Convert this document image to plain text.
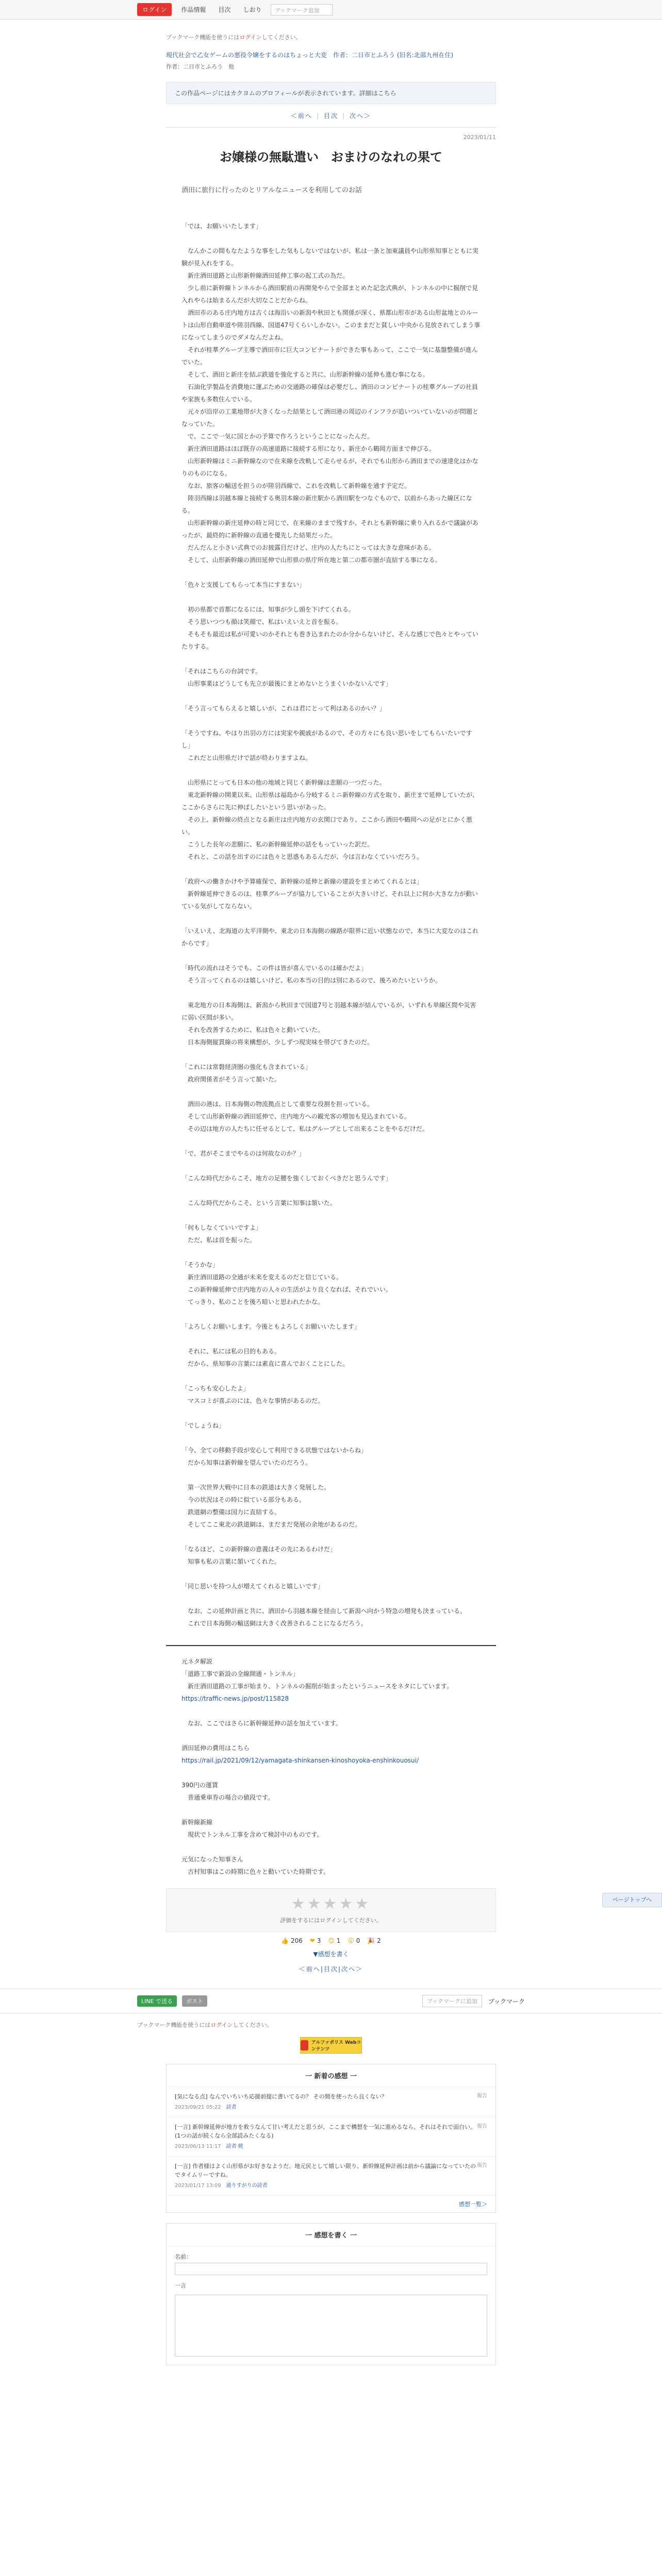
ログイン	作品情報	目次	しおり	ブックマーク追加
ブックマーク機能を使うにはログインしてください。
現代社会で乙女ゲームの悪役令嬢をするのはちょっと大変　作者：二日市とふろう (旧名:北部九州在住)
作者：二日市とふろう　他
この作品ページにはカクヨムのプロフィールが表示されています。詳細はこちら
＜前へ | 目次 | 次へ＞
2023/01/11
お嬢様の無駄遣い　おまけのなれの果て
酒田に旅行に行ったのとリアルなニュースを利用してのお話

「では、お願いいたします」

　なんかこの間もなたような事をした気もしないではないが、私は一条と加東議員や山形県知事とともに実験が見入れをする。

　新庄酒田道路と山形新幹線酒田延伸工事の起工式の為だ。

　少し前に新幹線トンネルから酒田駅前の再開発やらで全部まとめた記念式典が、トンネルの中に掘削で見入れやらは始まるんだが大切なことだからね。

　酒田市のある庄内地方は古くは海沿いの新潟や秋田とも関係が深く、県都山形市がある山形盆地とのルートは山形自動車道や陸羽西線、国道47号くらいしかない。このままだと貧しい中央から見放されてしまう事になってしまうのでダメなんだよね。

　それが桂華グループ主導で酒田市に巨大コンビナートができた事もあって、ここで一気に基盤整備が進んでいた。

　そして、酒田と新庄を結ぶ鉄道を強化すると共に、山形新幹線の延伸も進む事になる。

　石油化学製品を消費地に運ぶための交通路の確保は必要だし、酒田のコンビナートの桂華グループの社員や家族も多数住んでいる。

　元々が沿岸の工業地帯が大きくなった結果として酒田港の周辺のインフラが追いついていないのが問題となっていた。

　で、ここで一気に国とかの予算で作ろうということになったんだ。

　新庄酒田道路はほぼ既存の高速道路に接続する形になり、新庄から鶴岡方面まで伸びる。

　山形新幹線はミニ新幹線なので在来線を改軌して走らせるが、それでも山形から酒田までの速達化はかなりのものになる。

　なお、旅客の輸送を担うのが陸羽西線で、これを改軌して新幹線を通す予定だ。

　陸羽西線は羽越本線と接続する奥羽本線の新庄駅から酒田駅をつなぐもので、以前からあった線区になる。

　山形新幹線の新庄延伸の時と同じで、在来線のままで残すか、それとも新幹線に乗り入れるかで議論があったが、最終的に新幹線の直通を優先した結果だった。

　だんだんと小さい式典でのお披露目だけど、庄内の人たちにとっては大きな意味がある。

　そして、山形新幹線の酒田延伸で山形県の県庁所在地と第二の都市圏が直結する事になる。

「色々と支援してもらって本当にすまない」

　初の県都で首都になるには、知事が少し頭を下げてくれる。

　そう思いつつも顔は笑顔で、私はいえいえと首を振る。

　そもそも最近は私が可愛いのかそれとも巻き込まれたのか分からないけど、そんな感じで色々とやっていたりする。

「それはこちらの台詞です。

　山形事業はどうしても先立が最後にまとめないとうまくいかないんです」

「そう言ってもらえると嬉しいが、これは君にとって利はあるのかい？」

「そうですね、やはり出羽の方には実家や親戚があるので、その方々にも良い思いをしてもらいたいですし」

　これだと山形県だけで話が終わりますよね。

　山形県にとっても日本の他の地域と同じく新幹線は悲願の一つだった。

　東北新幹線の開業以来、山形県は福島から分岐するミニ新幹線の方式を取り、新庄まで延伸していたが、ここからさらに先に伸ばしたいという思いがあった。

　その上、新幹線の終点となる新庄は庄内地方の玄関口であり、ここから酒田や鶴岡への足がとにかく悪い。

　こうした長年の悲願に、私の新幹線延伸の話をもっていった訳だ。

　それと、この話を出すのには色々と思惑もあるんだが、今は言わなくていいだろう。

「政府への働きかけや予算確保で、新幹線の延伸と新線の建設をまとめてくれるとは」

　新幹線延伸できるのは、桂華グループが協力していることが大きいけど、それ以上に何か大きな力が動いている気がしてならない。

「いえいえ、北海道の太平洋側や、東北の日本海側の線路が限界に近い状態なので、本当に大変なのはこれからです」

「時代の流れはそうでも、この件は皆が喜んでいるのは確かだよ」

　そう言ってくれるのは嬉しいけど、私の本当の目的は別にあるので、後ろめたいというか。

　東北地方の日本海側は、新潟から秋田まで国道7号と羽越本線が結んでいるが、いずれも単線区間や災害に弱い区間が多い。

　それを改善するために、私は色々と動いていた。

　日本海側縦貫線の将来構想が、少しずつ現実味を帯びてきたのだ。

「これには常磐経済圏の強化も含まれている」

　政府関係者がそう言って頷いた。

　酒田の港は、日本海側の物流拠点として重要な役割を担っている。

　そして山形新幹線の酒田延伸で、庄内地方への観光客の増加も見込まれている。

　その辺は地方の人たちに任せるとして、私はグループとして出来ることをやるだけだ。

「で、君がそこまでやるのは何故なのか？」

「こんな時代だからこそ、地方の足腰を強くしておくべきだと思うんです」

　こんな時代だからこそ、という言葉に知事は頷いた。

「何もしなくていいですよ」

　ただ、私は首を振った。

「そうかな」

　新庄酒田道路の全通が未来を変えるのだと信じている。

　この新幹線延伸で庄内地方の人々の生活がより良くなれば、それでいい。

　てっきり、私のことを後ろ暗いと思われたかな。

「よろしくお願いします。今後ともよろしくお願いいたします」

　それに、私には私の目的もある。

　だから、県知事の言葉には素直に喜んでおくことにした。

「こっちも安心したよ」

　マスコミが喜ぶのには、色々な事情があるのだ。

「でしょうね」

「今、全ての移動手段が安心して利用できる状態ではないからね」

　だから知事は新幹線を望んでいたのだろう。

　第一次世界大戦中に日本の鉄道は大きく発展した。

　今の状況はその時に似ている部分もある。

　鉄道網の整備は国力に直結する。

　そしてここ東北の鉄道網は、まだまだ発展の余地があるのだ。

「なるほど、この新幹線の意義はその先にあるわけだ」

　知事も私の言葉に頷いてくれた。

「同じ思いを持つ人が増えてくれると嬉しいです」

　なお、この延伸計画と共に、酒田から羽越本線を経由して新潟へ向かう特急の増発も決まっている。

　これで日本海側の輸送網は大きく改善されることになるだろう。

元ネタ解説

「道路工事で新設の全線開通・トンネル」

　新庄酒田道路の工事が始まり、トンネルの掘削が始まったというニュースをネタにしています。

https://traffic-news.jp/post/115828

　なお、ここではさらに新幹線延伸の話を加えています。

酒田延伸の費用はこちら

https://rail.jp/2021/09/12/yamagata-shinkansen-kinoshoyoka-enshinkouosui/

390円の運賃

　普通乗車券の場合の値段です。

新幹線新線

　現状でトンネル工事を含めて検討中のものです。

元気になった知事さん

　吉村知事はこの時期に色々と動いていた時期です。

★★★★★
評価をするにはログインしてください。
👍 206 ❤ 3 😊 1 😮 0 🎉 2
▼感想を書く
＜前へ|目次|次へ＞
LINE で送る	ポスト	ブックマークに追加	ブックマーク
ブックマーク機能を使うにはログインしてください。
アルファポリス Webコンテンツ
一 新着の感想 一
報告
[気になる点] なんでいちいち応援前提に書いてるの？ その間を使ったら良くない？
2023/09/21 05:22　 読者
報告
[一言] 新幹線延伸が地方を救うなんて甘い考えだと思うが、ここまで構想を一気に進めるなら、それはそれで面白い。(1つの話が続くなら全部読みたくなる)
2023/06/13 11:17　 読者 暁
報告
[一言] 作者様はよく山形県がお好きなようだ。地元民として嬉しい限り。新幹線延伸計画は前から議論になっていたのでタイムリーですね。
2023/01/17 13:09　 通りすがりの読者
感想一覧＞
一 感想を書く 一
名前：
一言
ページトップへ
